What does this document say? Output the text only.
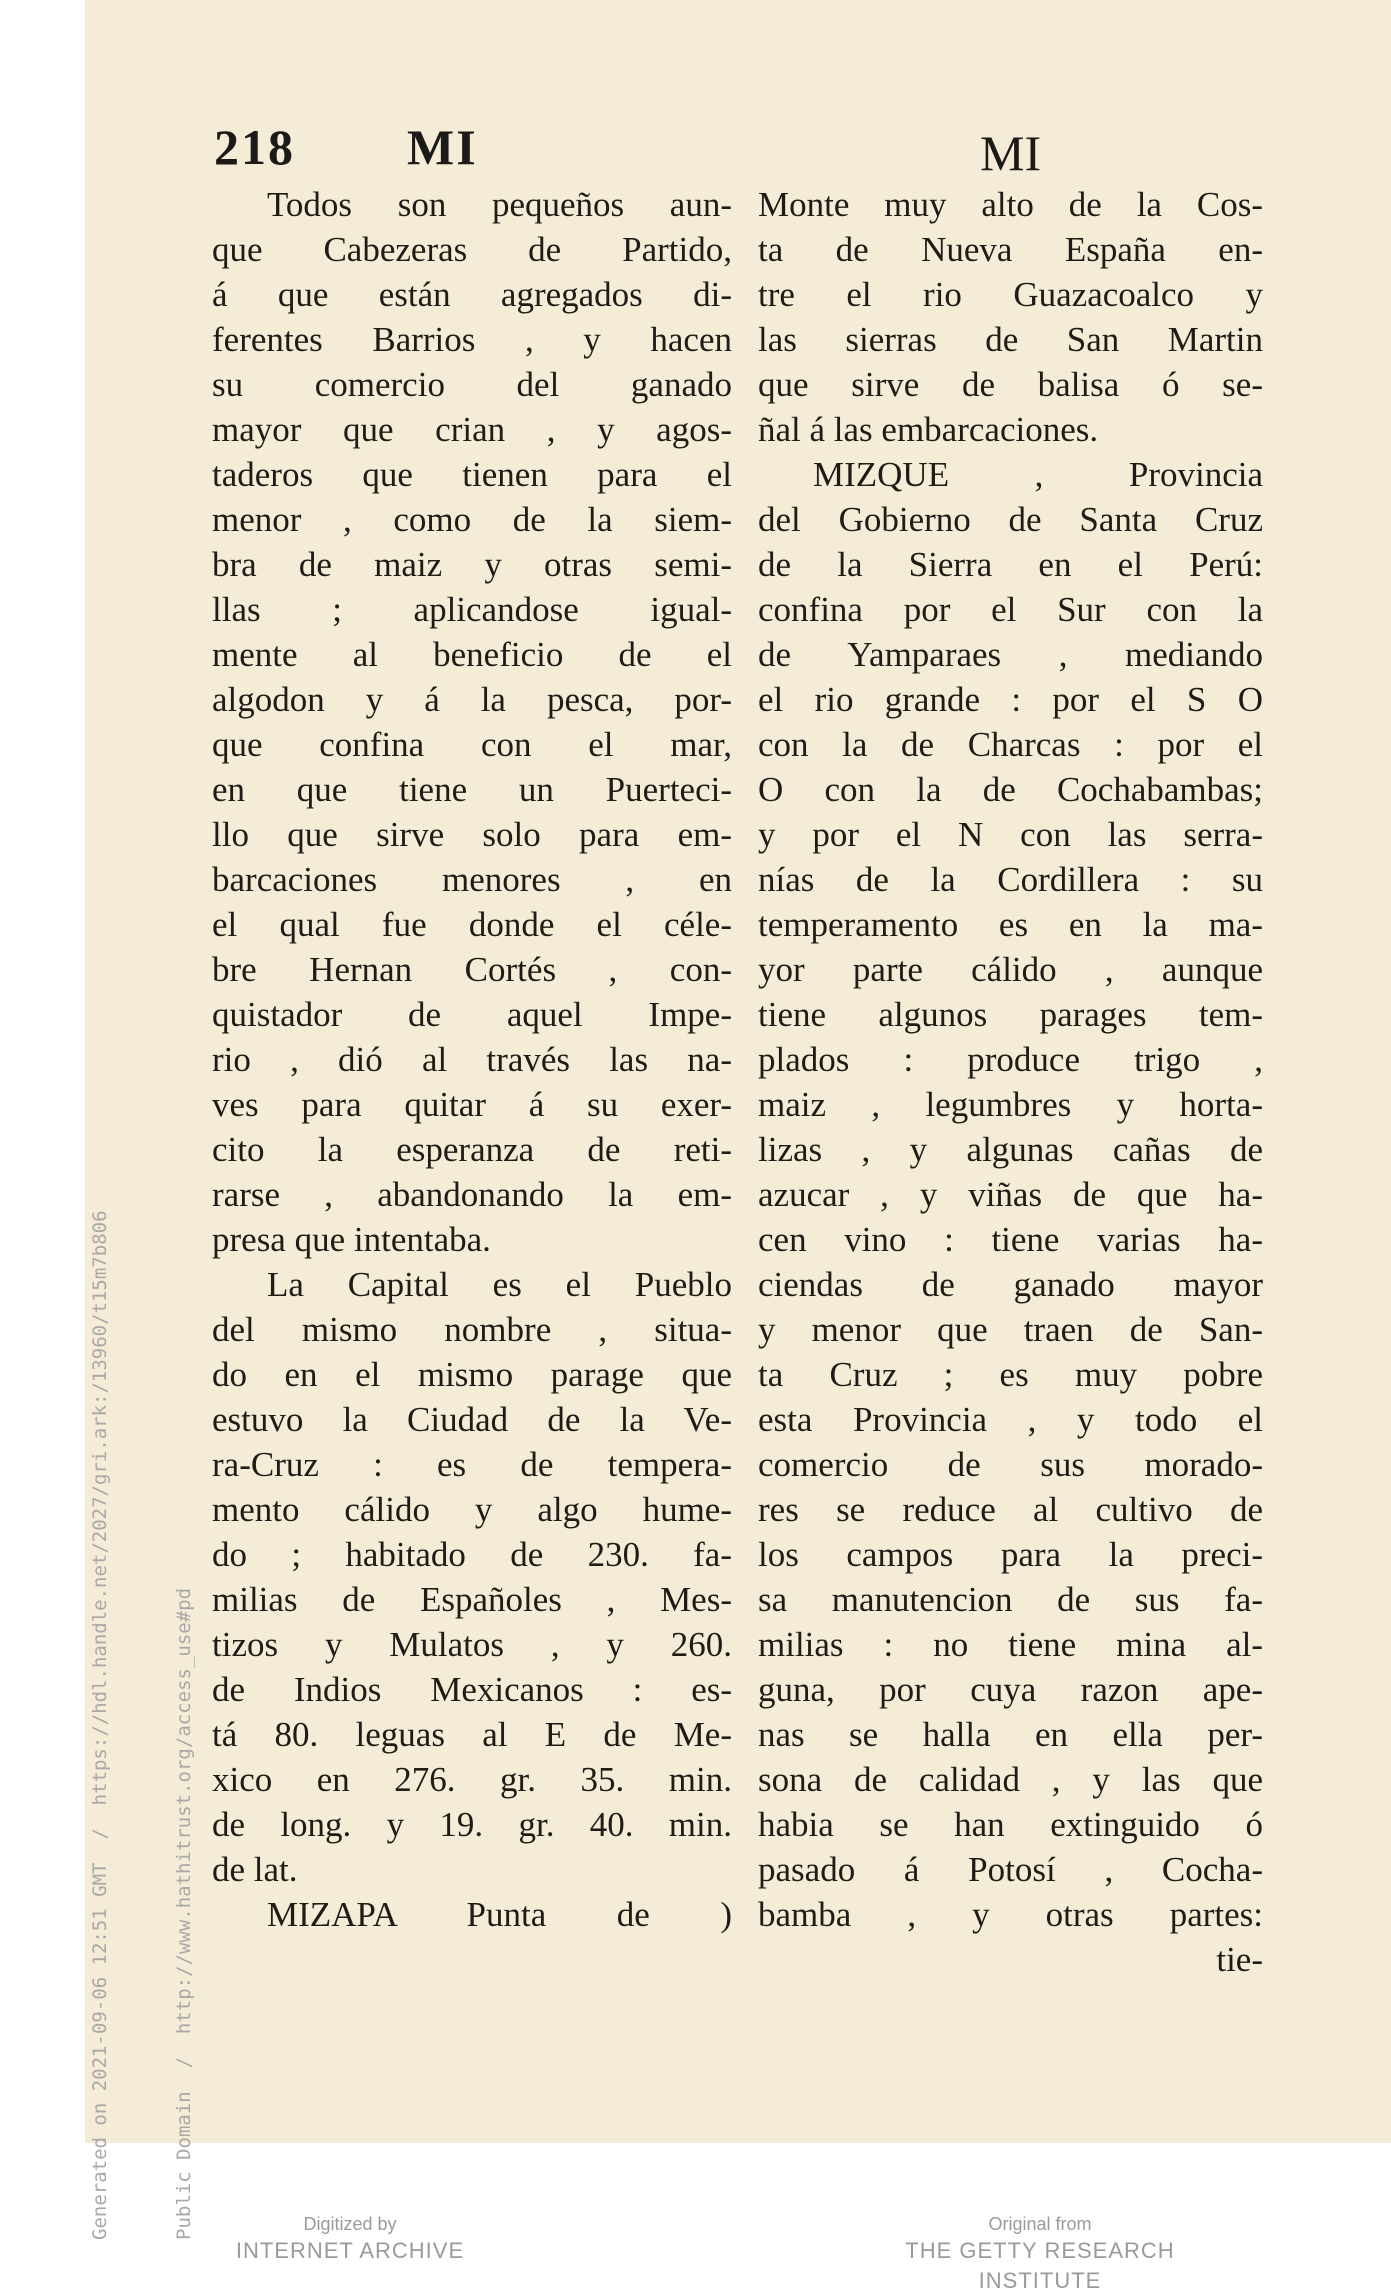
Generated on 2021-09-06 12:51 GMT  /  https://hdl.handle.net/2027/gri.ark:/13960/t15m7b806

	Public Domain  /  http://www.hathitrust.org/access_use#pd

218 MI	MI
Todos son pequeños aun-
que Cabezeras de Partido,
á que están agregados di-
ferentes Barrios , y hacen
su comercio del ganado
mayor que crian , y agos-
taderos que tienen para el
menor , como de la siem-
bra de maiz y otras semi-
llas ; aplicandose igual-
mente al beneficio de el
algodon y á la pesca, por-
que confina con el mar,
en que tiene un Puerteci-
llo que sirve solo para em-
barcaciones menores , en
el qual fue donde el céle-
bre Hernan Cortés , con-
quistador de aquel Impe-
rio , dió al través las na-
ves para quitar á su exer-
cito la esperanza de reti-
rarse , abandonando la em-
presa que intentaba.
La Capital es el Pueblo
del mismo nombre , situa-
do en el mismo parage que
estuvo la Ciudad de la Ve-
ra-Cruz : es de tempera-
mento cálido y algo hume-
do ; habitado de 230. fa-
milias de Españoles , Mes-
tizos y Mulatos , y 260.
de Indios Mexicanos : es-
tá 80. leguas al E de Me-
xico en 276. gr. 35. min.
de long. y 19. gr. 40. min.
de lat.
MIZAPA Punta de )
Monte muy alto de la Cos-
ta de Nueva España en-
tre el rio Guazacoalco y
las sierras de San Martin
que sirve de balisa ó se-
ñal á las embarcaciones.
MIZQUE , Provincia
del Gobierno de Santa Cruz
de la Sierra en el Perú:
confina por el Sur con la
de Yamparaes , mediando
el rio grande : por el S O
con la de Charcas : por el
O con la de Cochabambas;
y por el N con las serra-
nías de la Cordillera : su
temperamento es en la ma-
yor parte cálido , aunque
tiene algunos parages tem-
plados : produce trigo ,
maiz , legumbres y horta-
lizas , y algunas cañas de
azucar , y viñas de que ha-
cen vino : tiene varias ha-
ciendas de ganado mayor
y menor que traen de San-
ta Cruz ; es muy pobre
esta Provincia , y todo el
comercio de sus morado-
res se reduce al cultivo de
los campos para la preci-
sa manutencion de sus fa-
milias : no tiene mina al-
guna, por cuya razon ape-
nas se halla en ella per-
sona de calidad , y las que
habia se han extinguido ó
pasado á Potosí , Cocha-
bamba , y otras partes:
tie-
Digitized by
INTERNET ARCHIVE
Original from
THE GETTY RESEARCH INSTITUTE
